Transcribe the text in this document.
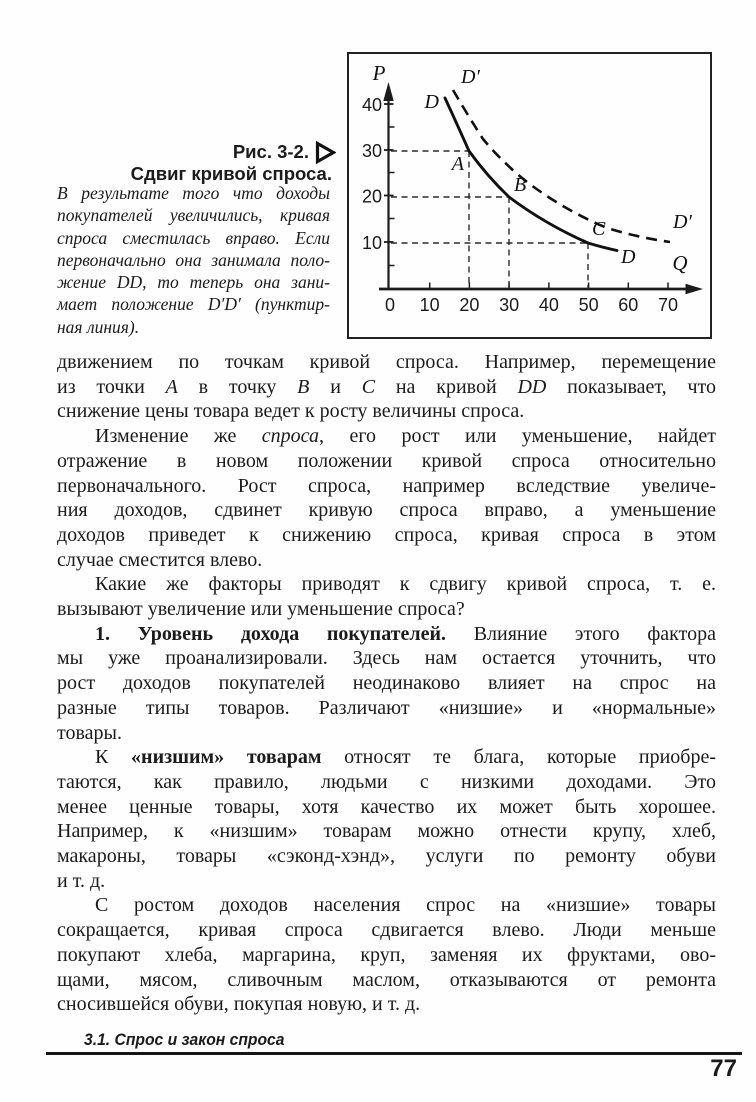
Рис. 3-2.
Сдвиг кривой спроса.
В результате того что доходы
покупателей увеличились, кривая
спроса сместилась вправо. Если
первоначально она занимала поло-
жение DD, то теперь она зани-
мает положение D′D′ (пунктир-
ная линия).
P
Q
40
30
20
10
0 10 20 30 40 50 60 70
D
D
D′
D′
A
B
C
движением по точкам кривой спроса. Например, перемещение
из точки A в точку B и C на кривой DD показывает, что
снижение цены товара ведет к росту величины спроса.
Изменение же спроса, его рост или уменьшение, найдет
отражение в новом положении кривой спроса относительно
первоначального. Рост спроса, например вследствие увеличе-
ния доходов, сдвинет кривую спроса вправо, а уменьшение
доходов приведет к снижению спроса, кривая спроса в этом
случае сместится влево.
Какие же факторы приводят к сдвигу кривой спроса, т. е.
вызывают увеличение или уменьшение спроса?
1. Уровень дохода покупателей. Влияние этого фактора
мы уже проанализировали. Здесь нам остается уточнить, что
рост доходов покупателей неодинаково влияет на спрос на
разные типы товаров. Различают «низшие» и «нормальные»
товары.
К «низшим» товарам относят те блага, которые приобре-
таются, как правило, людьми с низкими доходами. Это
менее ценные товары, хотя качество их может быть хорошее.
Например, к «низшим» товарам можно отнести крупу, хлеб,
макароны, товары «сэконд-хэнд», услуги по ремонту обуви
и т. д.
С ростом доходов населения спрос на «низшие» товары
сокращается, кривая спроса сдвигается влево. Люди меньше
покупают хлеба, маргарина, круп, заменяя их фруктами, ово-
щами, мясом, сливочным маслом, отказываются от ремонта
сносившейся обуви, покупая новую, и т. д.
3.1. Спрос и закон спроса
77
